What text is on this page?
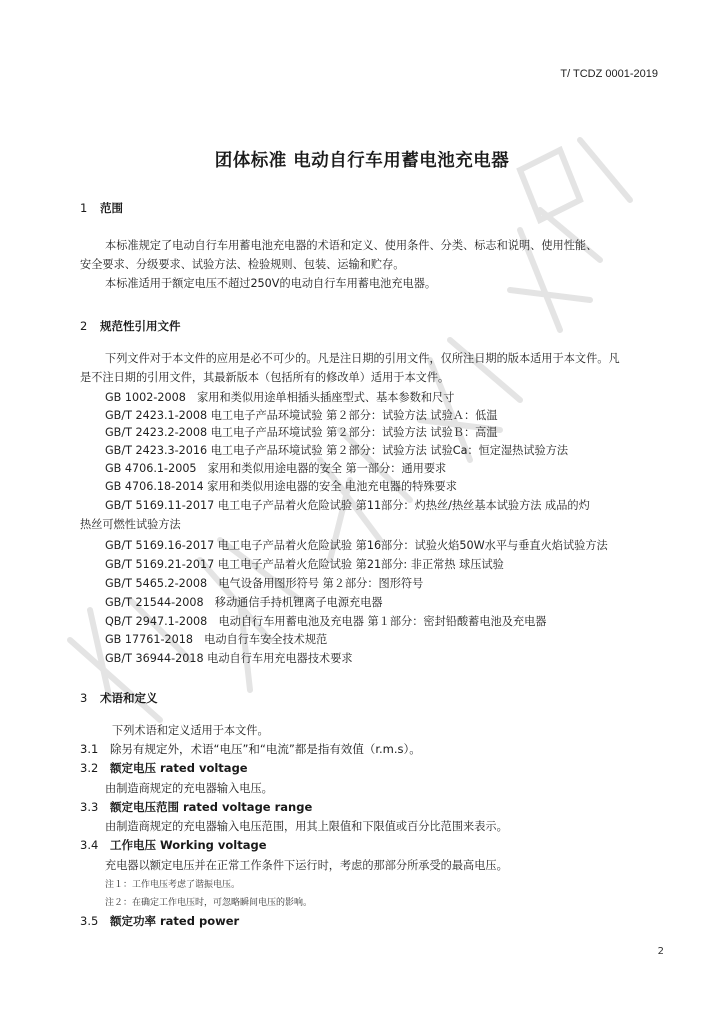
T/ TCDZ 0001-2019
团体标准 电动自行车用蓄电池充电器
1 范围
本标准规定了电动自行车用蓄电池充电器的术语和定义、使用条件、分类、标志和说明、使用性能、
安全要求、分级要求、试验方法、检验规则、包装、运输和贮存。
本标准适用于额定电压不超过250V的电动自行车用蓄电池充电器。
2 规范性引用文件
下列文件对于本文件的应用是必不可少的。凡是注日期的引用文件，仅所注日期的版本适用于本文件。凡
是不注日期的引用文件，其最新版本（包括所有的修改单）适用于本文件。
GB 1002-2008　家用和类似用途单相插头插座型式、基本参数和尺寸
GB/T 2423.1-2008 电工电子产品环境试验 第２部分：试验方法 试验Ａ：低温
GB/T 2423.2-2008 电工电子产品环境试验 第２部分：试验方法 试验Ｂ：高温
GB/T 2423.3-2016 电工电子产品环境试验 第２部分：试验方法 试验Ca：恒定湿热试验方法
GB 4706.1-2005　家用和类似用途电器的安全 第一部分：通用要求
GB 4706.18-2014 家用和类似用途电器的安全 电池充电器的特殊要求
GB/T 5169.11-2017 电工电子产品着火危险试验 第11部分：灼热丝/热丝基本试验方法 成品的灼
热丝可燃性试验方法
GB/T 5169.16-2017 电工电子产品着火危险试验 第16部分：试验火焰50W水平与垂直火焰试验方法
GB/T 5169.21-2017 电工电子产品着火危险试验 第21部分: 非正常热 球压试验
GB/T 5465.2-2008　电气设备用图形符号 第２部分：图形符号
GB/T 21544-2008　移动通信手持机锂离子电源充电器
QB/T 2947.1-2008　电动自行车用蓄电池及充电器 第１部分：密封铅酸蓄电池及充电器
GB 17761-2018　电动自行车安全技术规范
GB/T 36944-2018 电动自行车用充电器技术要求
3 术语和定义
下列术语和定义适用于本文件。
3.1 除另有规定外，术语“电压”和“电流”都是指有效值（r.m.s）。
3.2 额定电压 rated voltage
由制造商规定的充电器输入电压。
3.3 额定电压范围 rated voltage range
由制造商规定的充电器输入电压范围，用其上限值和下限值或百分比范围来表示。
3.4 工作电压 Working voltage
充电器以额定电压并在正常工作条件下运行时，考虑的那部分所承受的最高电压。
注１：工作电压考虑了谐振电压。
注２：在确定工作电压时，可忽略瞬间电压的影响。
3.5 额定功率 rated power
2
